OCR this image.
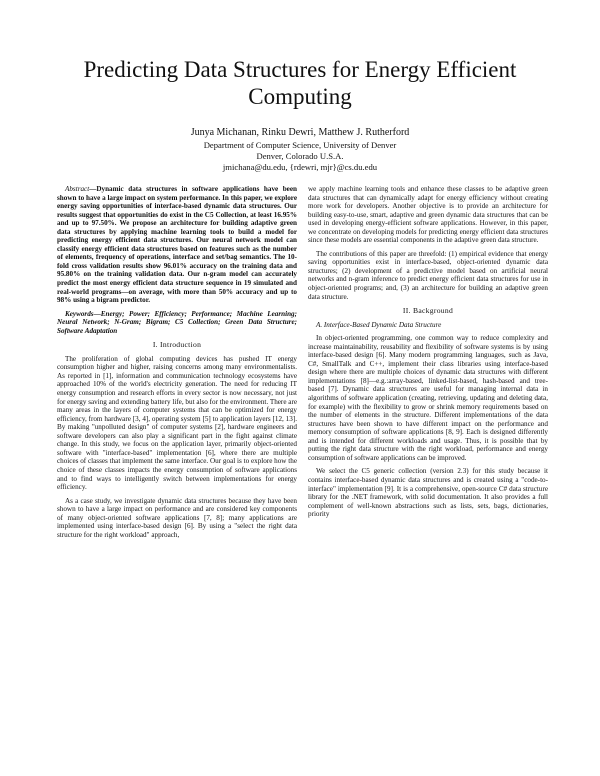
Predicting Data Structures for Energy Efficient Computing
Junya Michanan, Rinku Dewri, Matthew J. Rutherford
Department of Computer Science, University of Denver
Denver, Colorado U.S.A.
jmichana@du.edu, {rdewri, mjr}@cs.du.edu

Abstract—Dynamic data structures in software applications have been shown to have a large impact on system performance. In this paper, we explore energy saving opportunities of interface-based dynamic data structures. Our results suggest that opportunities do exist in the C5 Collection, at least 16.95% and up to 97.50%. We propose an architecture for building adaptive green data structures by applying machine learning tools to build a model for predicting energy efficient data structures. Our neural network model can classify energy efficient data structures based on features such as the number of elements, frequency of operations, interface and set/bag semantics. The 10-fold cross validation results show 96.01% accuracy on the training data and 95.80% on the training validation data. Our n-gram model can accurately predict the most energy efficient data structure sequence in 19 simulated and real-world programs—on average, with more than 50% accuracy and up to 98% using a bigram predictor.

Keywords—Energy; Power; Efficiency; Performance; Machine Learning; Neural Network; N-Gram; Bigram; C5 Collection; Green Data Structure; Software Adaptation

I. Introduction

The proliferation of global computing devices has pushed IT energy consumption higher and higher, raising concerns among many environmentalists. As reported in [1], information and communication technology ecosystems have approached 10% of the world's electricity generation. The need for reducing IT energy consumption and research efforts in every sector is now necessary, not just for energy saving and extending battery life, but also for the environment. There are many areas in the layers of computer systems that can be optimized for energy efficiency, from hardware [3, 4], operating system [5] to application layers [12, 13]. By making "unpolluted design" of computer systems [2], hardware engineers and software developers can also play a significant part in the fight against climate change. In this study, we focus on the application layer, primarily object-oriented software with "interface-based" implementation [6], where there are multiple choices of classes that implement the same interface. Our goal is to explore how the choice of these classes impacts the energy consumption of software applications and to find ways to intelligently switch between implementations for energy efficiency.

As a case study, we investigate dynamic data structures because they have been shown to have a large impact on performance and are considered key components of many object-oriented software applications [7, 8]; many applications are implemented using interface-based design [6]. By using a "select the right data structure for the right workload" approach,

we apply machine learning tools and enhance these classes to be adaptive green data structures that can dynamically adapt for energy efficiency without creating more work for developers. Another objective is to provide an architecture for building easy-to-use, smart, adaptive and green dynamic data structures that can be used in developing energy-efficient software applications. However, in this paper, we concentrate on developing models for predicting energy efficient data structures since these models are essential components in the adaptive green data structure.

The contributions of this paper are threefold: (1) empirical evidence that energy saving opportunities exist in interface-based, object-oriented dynamic data structures; (2) development of a predictive model based on artificial neural networks and n-gram inference to predict energy efficient data structures for use in object-oriented programs; and, (3) an architecture for building an adaptive green data structure.

II. Background

A. Interface-Based Dynamic Data Structure

In object-oriented programming, one common way to reduce complexity and increase maintainability, reusability and flexibility of software systems is by using interface-based design [6]. Many modern programming languages, such as Java, C#, SmallTalk and C++, implement their class libraries using interface-based design where there are multiple choices of dynamic data structures with different implementations [8]—e.g.:array-based, linked-list-based, hash-based and tree-based [7]. Dynamic data structures are useful for managing internal data in algorithms of software application (creating, retrieving, updating and deleting data, for example) with the flexibility to grow or shrink memory requirements based on the number of elements in the structure. Different implementations of the data structures have been shown to have different impact on the performance and memory consumption of software applications [8, 9]. Each is designed differently and is intended for different workloads and usage. Thus, it is possible that by putting the right data structure with the right workload, performance and energy consumption of software applications can be improved.

We select the C5 generic collection (version 2.3) for this study because it contains interface-based dynamic data structures and is created using a "code-to-interface" implementation [9]. It is a comprehensive, open-source C# data structure library for the .NET framework, with solid documentation. It also provides a full complement of well-known abstractions such as lists, sets, bags, dictionaries, priority
